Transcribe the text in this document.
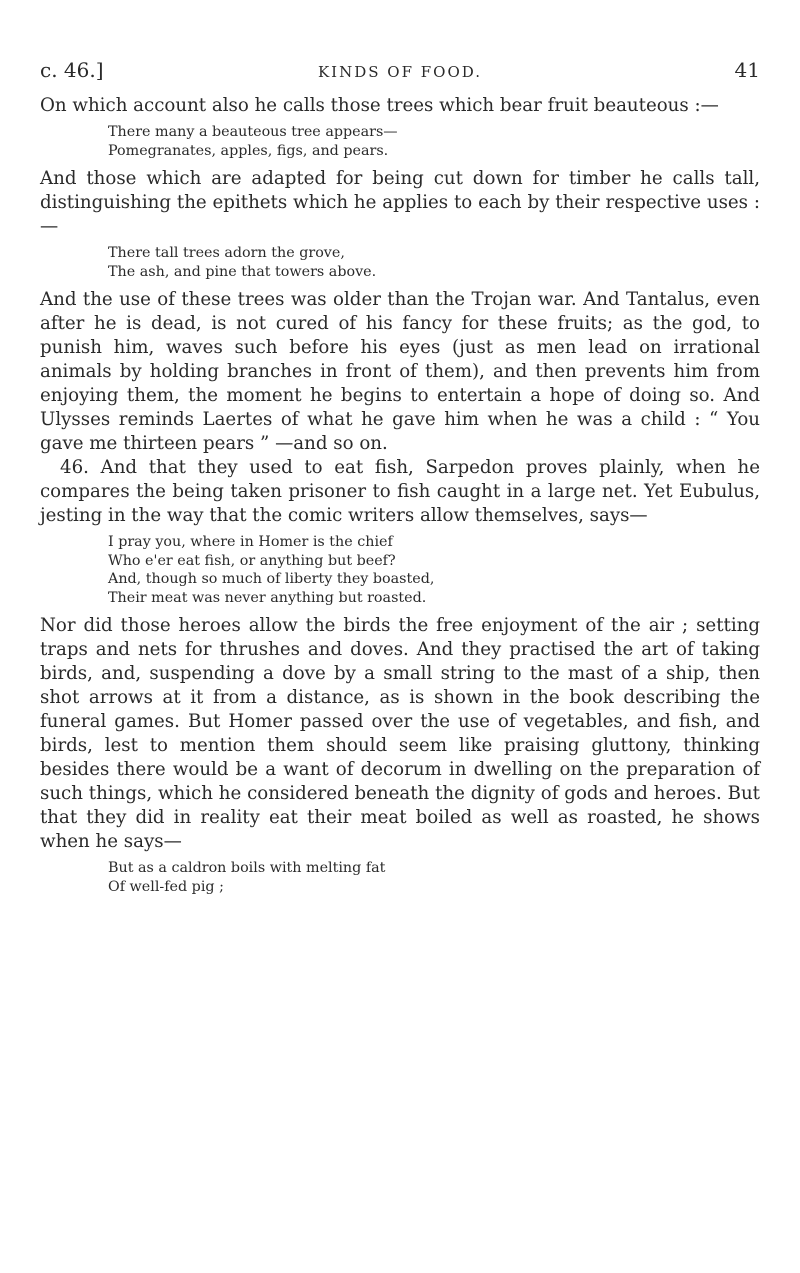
c. 46.]	KINDS OF FOOD.	41

On which account also he calls those trees which bear fruit beauteous :—

There many a beauteous tree appears—
Pomegranates, apples, figs, and pears.

And those which are adapted for being cut down for timber he calls tall, distinguishing the epithets which he applies to each by their respective uses :—

There tall trees adorn the grove,
The ash, and pine that towers above.

And the use of these trees was older than the Trojan war. And Tantalus, even after he is dead, is not cured of his fancy for these fruits; as the god, to punish him, waves such before his eyes (just as men lead on irrational animals by holding branches in front of them), and then prevents him from enjoying them, the moment he begins to entertain a hope of doing so. And Ulysses reminds Laertes of what he gave him when he was a child : “ You gave me thirteen pears ” —and so on.

46. And that they used to eat fish, Sarpedon proves plainly, when he compares the being taken prisoner to fish caught in a large net. Yet Eubulus, jesting in the way that the comic writers allow themselves, says—

I pray you, where in Homer is the chief
Who e'er eat fish, or anything but beef?
And, though so much of liberty they boasted,
Their meat was never anything but roasted.

Nor did those heroes allow the birds the free enjoyment of the air ; setting traps and nets for thrushes and doves. And they practised the art of taking birds, and, suspending a dove by a small string to the mast of a ship, then shot arrows at it from a distance, as is shown in the book describing the funeral games. But Homer passed over the use of vegetables, and fish, and birds, lest to mention them should seem like praising gluttony, thinking besides there would be a want of decorum in dwelling on the preparation of such things, which he considered beneath the dignity of gods and heroes. But that they did in reality eat their meat boiled as well as roasted, he shows when he says—

But as a caldron boils with melting fat
Of well-fed pig ;
